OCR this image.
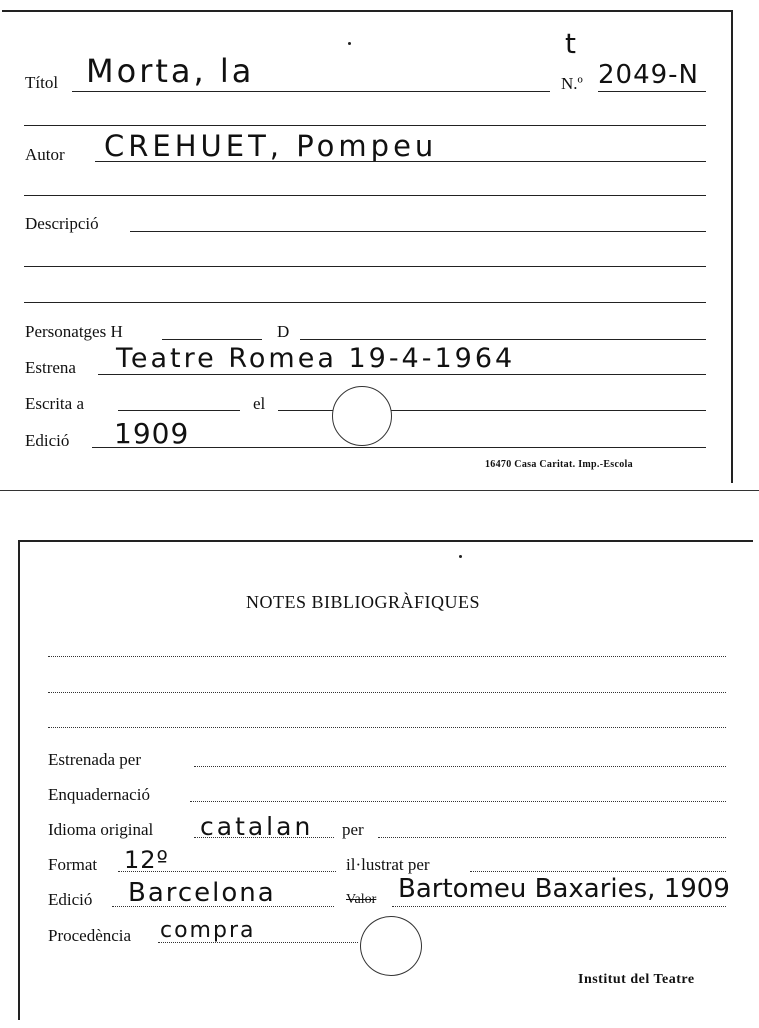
Títol Morta, la
t
N.º 2049-N
Autor CREHUET, Pompeu
Descripció
Personatges H	D
Estrena Teatre Romea 19-4-1964
Escrita a	el
Edició 1909
16470 Casa Caritat. Imp.-Escola
NOTES BIBLIOGRÀFIQUES
Estrenada per
Enquadernació
Idioma original catalan per
Format 12º	il·lustrat per
Edició Barcelona	Valor Bartomeu Baxaries, 1909
Procedència compra
Institut del Teatre
